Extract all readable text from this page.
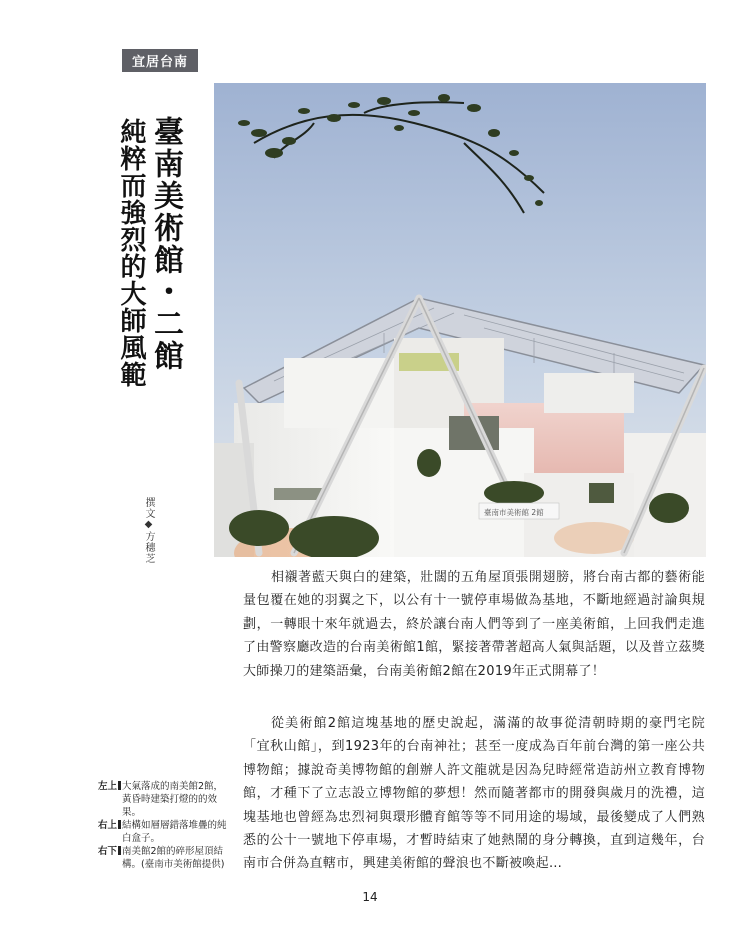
宜居台南
臺南美術館・二館
純粹而強烈的大師風範
撰文◆方穗芝	臺南市美術館 2館

相襯著藍天與白的建築，壯闊的五角屋頂張開翅膀，將台南古都的藝術能量包覆在她的羽翼之下，以公有十一號停車場做為基地，不斷地經過討論與規劃，一轉眼十來年就過去，終於讓台南人們等到了一座美術館，上回我們走進了由警察廳改造的台南美術館1館，緊接著帶著超高人氣與話題，以及普立茲獎大師操刀的建築語彙，台南美術館2館在2019年正式開幕了！

從美術館2館這塊基地的歷史說起，滿滿的故事從清朝時期的豪門宅院「宜秋山館」，到1923年的台南神社；甚至一度成為百年前台灣的第一座公共博物館；據說奇美博物館的創辦人許文龍就是因為兒時經常造訪州立教育博物館，才種下了立志設立博物館的夢想！然而隨著都市的開發與歲月的洗禮，這塊基地也曾經為忠烈祠與環形體育館等等不同用途的場域，最後變成了人們熟悉的公十一號地下停車場，才暫時結束了她熱鬧的身分轉換，直到這幾年，台南市合併為直轄市，興建美術館的聲浪也不斷被喚起…

左上 大氣落成的南美館2館，黃昏時建築打燈的的效果。
右上 結構如層層錯落堆疊的純白盒子。
右下 南美館2館的碎形屋頂結構。(臺南市美術館提供)
14
